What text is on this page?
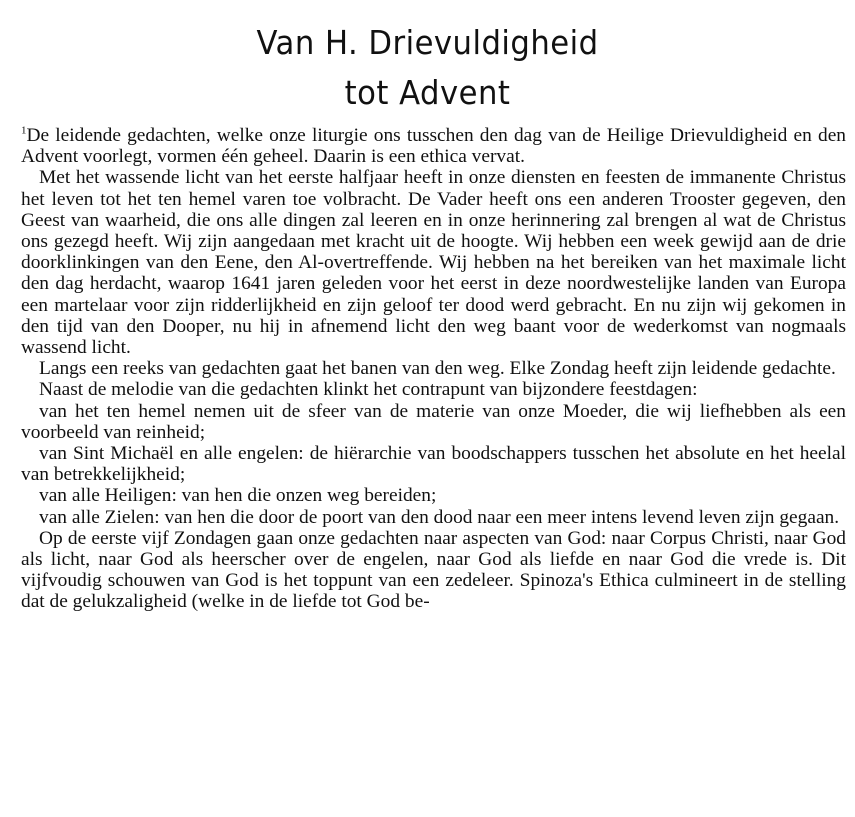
Van H. Drievuldigheid
tot Advent

$^1$De leidende gedachten, welke onze liturgie ons tusschen den dag van de Heilige Drievuldigheid en den Advent voorlegt, vormen één geheel. Daarin is een ethica vervat.

Met het wassende licht van het eerste halfjaar heeft in onze diensten en feesten de immanente Christus het leven tot het ten hemel varen toe volbracht. De Vader heeft ons een anderen Trooster gegeven, den Geest van waarheid, die ons alle dingen zal leeren en in onze herinnering zal brengen al wat de Christus ons gezegd heeft. Wij zijn aangedaan met kracht uit de hoogte. Wij hebben een week gewijd aan de drie doorklinkingen van den Eene, den Al-overtreffende. Wij hebben na het bereiken van het maximale licht den dag herdacht, waarop 1641 jaren geleden voor het eerst in deze noordwestelijke landen van Europa een martelaar voor zijn ridderlijkheid en zijn geloof ter dood werd gebracht. En nu zijn wij gekomen in den tijd van den Dooper, nu hij in afnemend licht den weg baant voor de wederkomst van nogmaals wassend licht.

Langs een reeks van gedachten gaat het banen van den weg. Elke Zondag heeft zijn leidende gedachte.

Naast de melodie van die gedachten klinkt het contrapunt van bijzondere feestdagen:

van het ten hemel nemen uit de sfeer van de materie van onze Moeder, die wij liefhebben als een voorbeeld van reinheid;

van Sint Michaël en alle engelen: de hiërarchie van boodschappers tusschen het absolute en het heelal van betrekkelijkheid;

van alle Heiligen: van hen die onzen weg bereiden;

van alle Zielen: van hen die door de poort van den dood naar een meer intens levend leven zijn gegaan.

Op de eerste vijf Zondagen gaan onze gedachten naar aspecten van God: naar Corpus Christi, naar God als licht, naar God als heerscher over de engelen, naar God als liefde en naar God die vrede is. Dit vijfvoudig schouwen van God is het toppunt van een zedeleer. Spinoza's Ethica culmineert in de stelling dat de gelukzaligheid (welke in de liefde tot God be-
